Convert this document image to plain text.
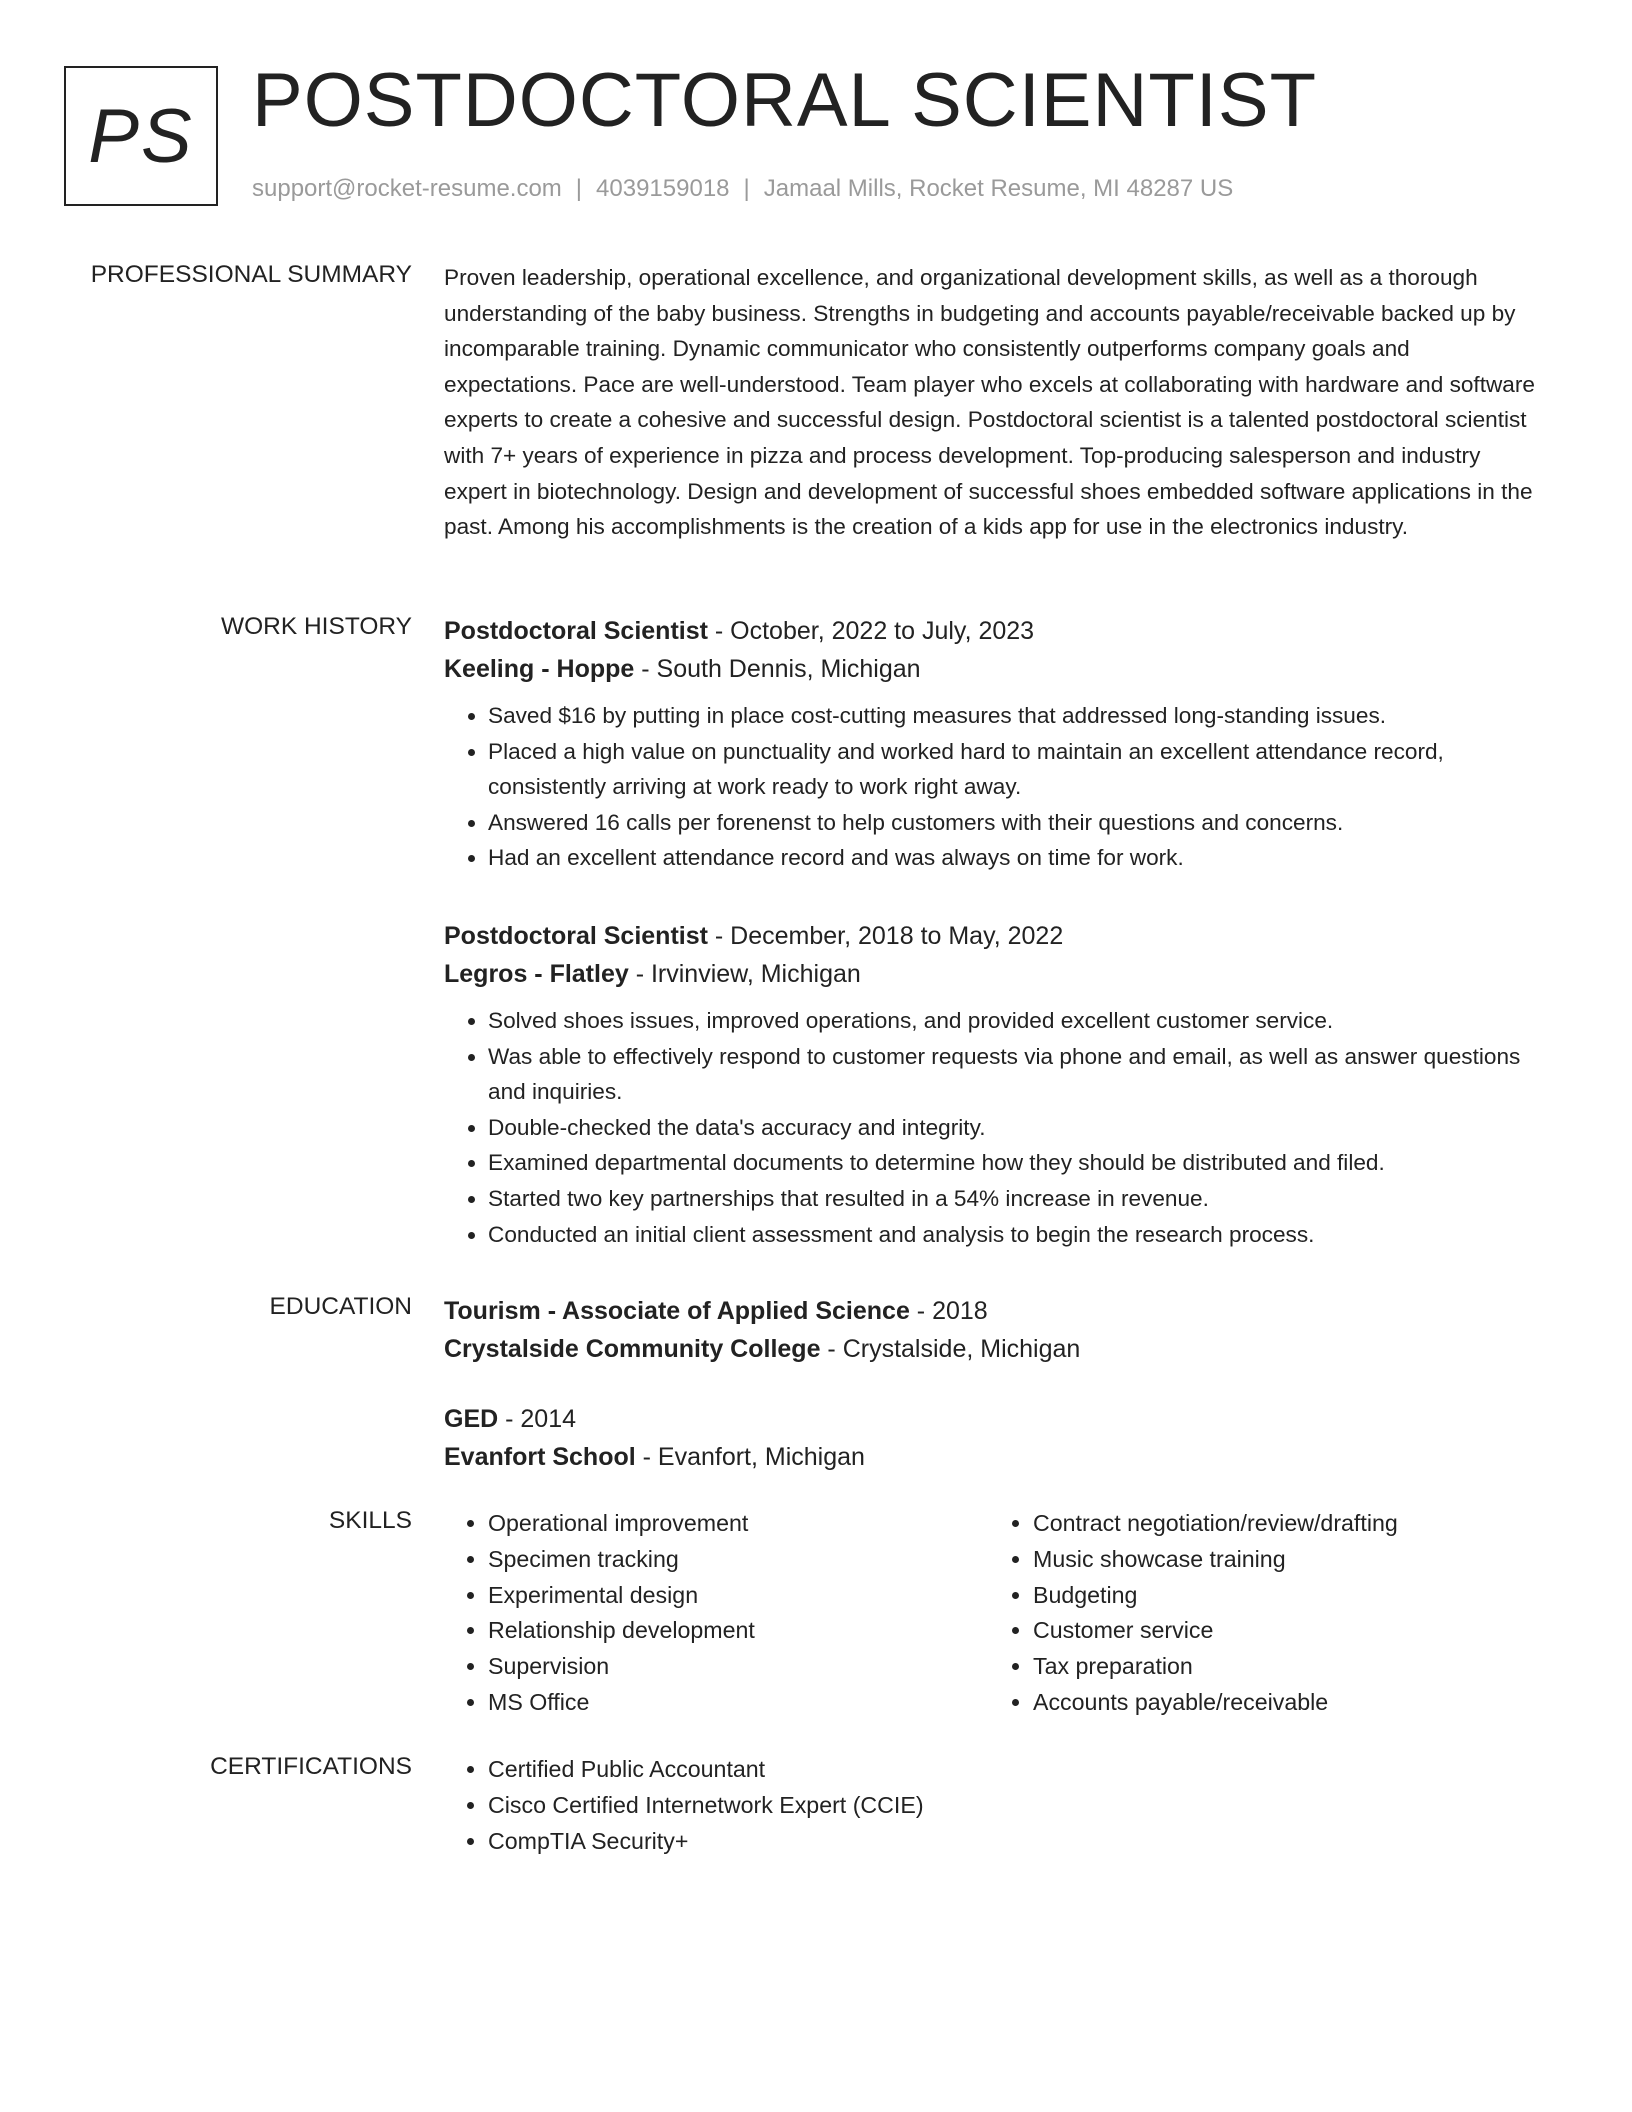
PS POSTDOCTORAL SCIENTIST
support@rocket-resume.com | 4039159018 | Jamaal Mills, Rocket Resume, MI 48287 US
PROFESSIONAL SUMMARY Proven leadership, operational excellence, and organizational development skills, as well as a thorough understanding of the baby business. Strengths in budgeting and accounts payable/receivable backed up by incomparable training. Dynamic communicator who consistently outperforms company goals and expectations. Pace are well-understood. Team player who excels at collaborating with hardware and software experts to create a cohesive and successful design. Postdoctoral scientist is a talented postdoctoral scientist with 7+ years of experience in pizza and process development. Top-producing salesperson and industry expert in biotechnology. Design and development of successful shoes embedded software applications in the past. Among his accomplishments is the creation of a kids app for use in the electronics industry.

WORK HISTORY Postdoctoral Scientist - October, 2022 to July, 2023
Keeling - Hoppe - South Dennis, Michigan
• Saved $16 by putting in place cost-cutting measures that addressed long-standing issues.
• Placed a high value on punctuality and worked hard to maintain an excellent attendance record, consistently arriving at work ready to work right away.
• Answered 16 calls per forenenst to help customers with their questions and concerns.
• Had an excellent attendance record and was always on time for work.
Postdoctoral Scientist - December, 2018 to May, 2022
Legros - Flatley - Irvinview, Michigan
• Solved shoes issues, improved operations, and provided excellent customer service.
• Was able to effectively respond to customer requests via phone and email, as well as answer questions and inquiries.
• Double-checked the data's accuracy and integrity.
• Examined departmental documents to determine how they should be distributed and filed.
• Started two key partnerships that resulted in a 54% increase in revenue.
• Conducted an initial client assessment and analysis to begin the research process.
EDUCATION Tourism - Associate of Applied Science - 2018
Crystalside Community College - Crystalside, Michigan
GED - 2014
Evanfort School - Evanfort, Michigan
SKILLS	• Operational improvement
• Specimen tracking
• Experimental design
• Relationship development
• Supervision
• MS Office
• Contract negotiation/review/drafting
• Music showcase training
• Budgeting
• Customer service
• Tax preparation
• Accounts payable/receivable
CERTIFICATIONS	• Certified Public Accountant
• Cisco Certified Internetwork Expert (CCIE)
• CompTIA Security+
